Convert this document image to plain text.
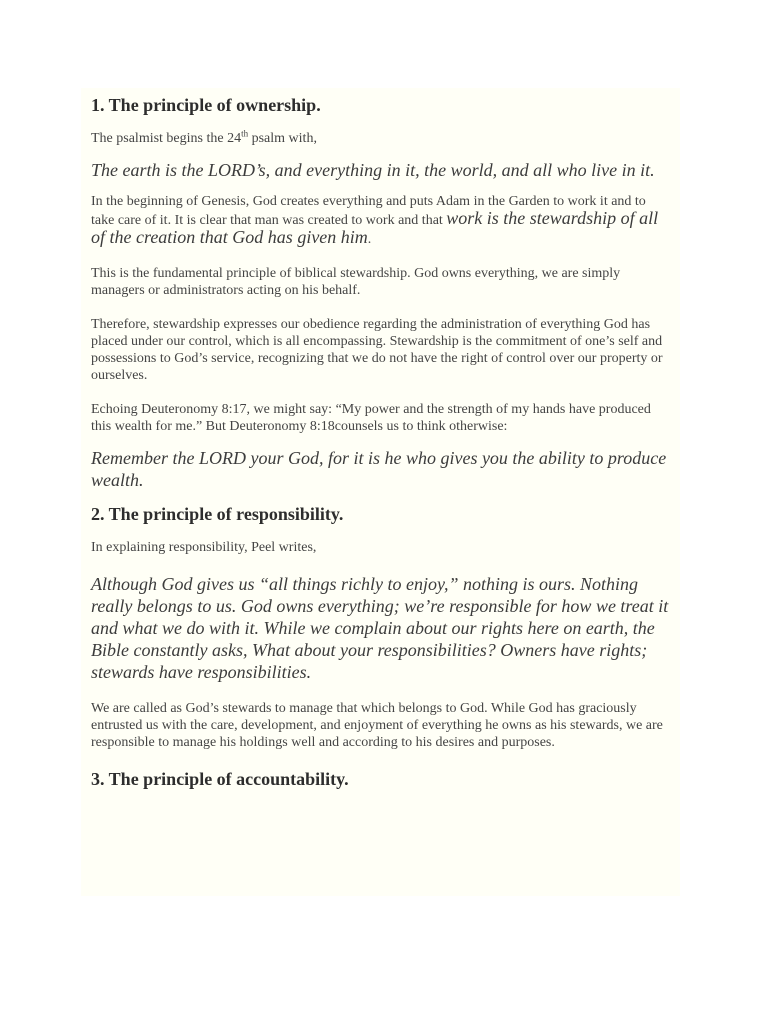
1. The principle of ownership.

The psalmist begins the 24th psalm with,

The earth is the LORD’s, and everything in it, the world, and all who live in it.

In the beginning of Genesis, God creates everything and puts Adam in the Garden to work it and to take care of it. It is clear that man was created to work and that work is the stewardship of all of the creation that God has given him.

This is the fundamental principle of biblical stewardship. God owns everything, we are simply managers or administrators acting on his behalf.

Therefore, stewardship expresses our obedience regarding the administration of everything God has placed under our control, which is all encompassing. Stewardship is the commitment of one’s self and possessions to God’s service, recognizing that we do not have the right of control over our property or ourselves.

Echoing Deuteronomy 8:17, we might say: “My power and the strength of my hands have produced this wealth for me.” But Deuteronomy 8:18counsels us to think otherwise:

Remember the LORD your God, for it is he who gives you the ability to produce wealth.

2. The principle of responsibility.

In explaining responsibility, Peel writes,

Although God gives us “all things richly to enjoy,” nothing is ours. Nothing really belongs to us. God owns everything; we’re responsible for how we treat it and what we do with it. While we complain about our rights here on earth, the Bible constantly asks, What about your responsibilities? Owners have rights; stewards have responsibilities.

We are called as God’s stewards to manage that which belongs to God. While God has graciously entrusted us with the care, development, and enjoyment of everything he owns as his stewards, we are responsible to manage his holdings well and according to his desires and purposes.

3. The principle of accountability.
